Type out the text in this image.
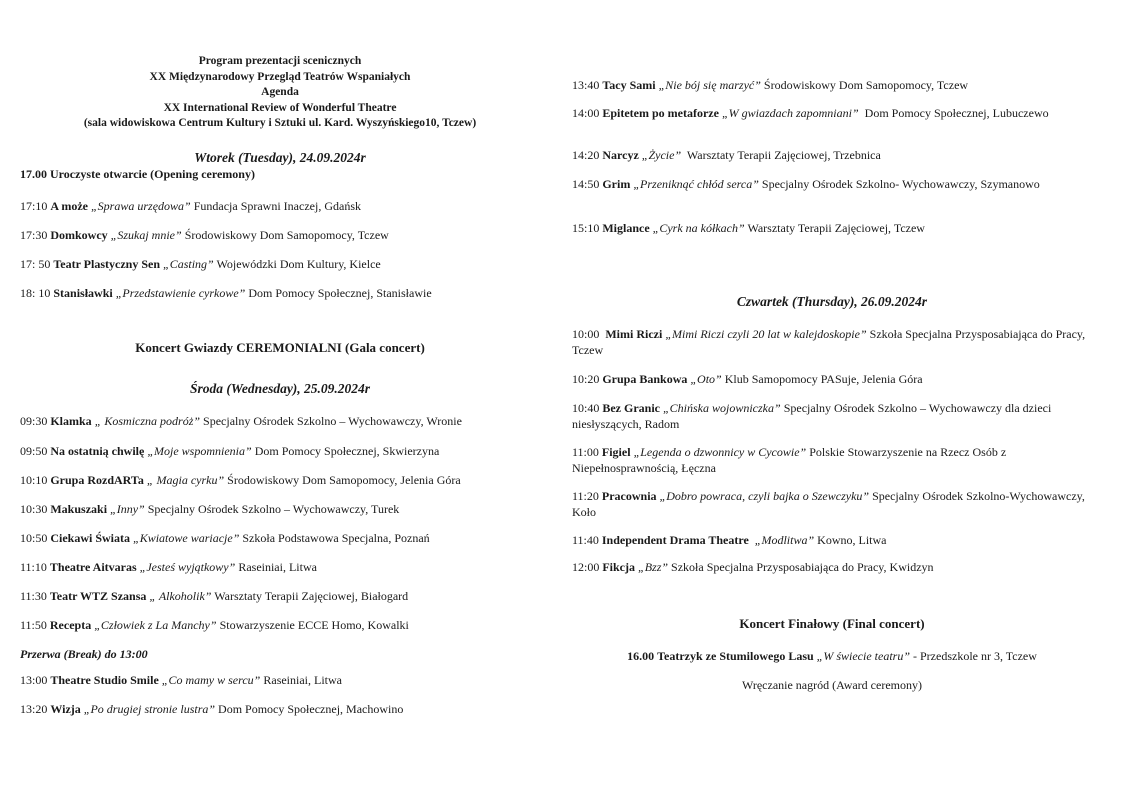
Program prezentacji scenicznych
XX Międzynarodowy Przegląd Teatrów Wspaniałych
Agenda
XX International Review of Wonderful Theatre
(sala widowiskowa Centrum Kultury i Sztuki ul. Kard. Wyszyńskiego10, Tczew)
Wtorek (Tuesday), 24.09.2024r
17.00 Uroczyste otwarcie (Opening ceremony)
17:10 A może „Sprawa urzędowa” Fundacja Sprawni Inaczej, Gdańsk
17:30 Domkowcy „Szukaj mnie” Środowiskowy Dom Samopomocy, Tczew
17: 50 Teatr Plastyczny Sen „Casting” Wojewódzki Dom Kultury, Kielce
18: 10 Stanisławki „Przedstawienie cyrkowe” Dom Pomocy Społecznej, Stanisławie
Koncert Gwiazdy CEREMONIALNI (Gala concert)
Środa (Wednesday), 25.09.2024r
09:30 Klamka „ Kosmiczna podróż” Specjalny Ośrodek Szkolno – Wychowawczy, Wronie
09:50 Na ostatnią chwilę „Moje wspomnienia” Dom Pomocy Społecznej, Skwierzyna
10:10 Grupa RozdARTa „ Magia cyrku” Środowiskowy Dom Samopomocy, Jelenia Góra
10:30 Makuszaki „Inny” Specjalny Ośrodek Szkolno – Wychowawczy, Turek
10:50 Ciekawi Świata „Kwiatowe wariacje” Szkoła Podstawowa Specjalna, Poznań
11:10 Theatre Aitvaras „Jesteś wyjątkowy” Raseiniai, Litwa
11:30 Teatr WTZ Szansa „ Alkoholik” Warsztaty Terapii Zajęciowej, Białogard
11:50 Recepta „Człowiek z La Manchy” Stowarzyszenie ECCE Homo, Kowalki
Przerwa (Break) do 13:00
13:00 Theatre Studio Smile „Co mamy w sercu” Raseiniai, Litwa
13:20 Wizja „Po drugiej stronie lustra” Dom Pomocy Społecznej, Machowino
13:40 Tacy Sami „Nie bój się marzyć” Środowiskowy Dom Samopomocy, Tczew
14:00 Epitetem po metaforze „W gwiazdach zapomniani” Dom Pomocy Społecznej, Lubuczewo
14:20 Narcyz „Życie” Warsztaty Terapii Zajęciowej, Trzebnica
14:50 Grim „Przeniknąć chłód serca” Specjalny Ośrodek Szkolno- Wychowawczy, Szymanowo
15:10 Miglance „Cyrk na kółkach” Warsztaty Terapii Zajęciowej, Tczew
Czwartek (Thursday), 26.09.2024r
10:00 Mimi Riczi „Mimi Riczi czyli 20 lat w kalejdoskopie” Szkoła Specjalna Przysposabiająca do Pracy, Tczew
10:20 Grupa Bankowa „Oto” Klub Samopomocy PASuje, Jelenia Góra
10:40 Bez Granic „Chińska wojowniczka” Specjalny Ośrodek Szkolno – Wychowawczy dla dzieci niesłyszących, Radom
11:00 Figiel „Legenda o dzwonnicy w Cycowie” Polskie Stowarzyszenie na Rzecz Osób z Niepełnosprawnością, Łęczna
11:20 Pracownia „Dobro powraca, czyli bajka o Szewczyku” Specjalny Ośrodek Szkolno-Wychowawczy, Koło
11:40 Independent Drama Theatre „Modlitwa” Kowno, Litwa
12:00 Fikcja „Bzz” Szkoła Specjalna Przysposabiająca do Pracy, Kwidzyn
Koncert Finałowy (Final concert)
16.00 Teatrzyk ze Stumilowego Lasu „W świecie teatru” - Przedszkole nr 3, Tczew
Wręczanie nagród (Award ceremony)
